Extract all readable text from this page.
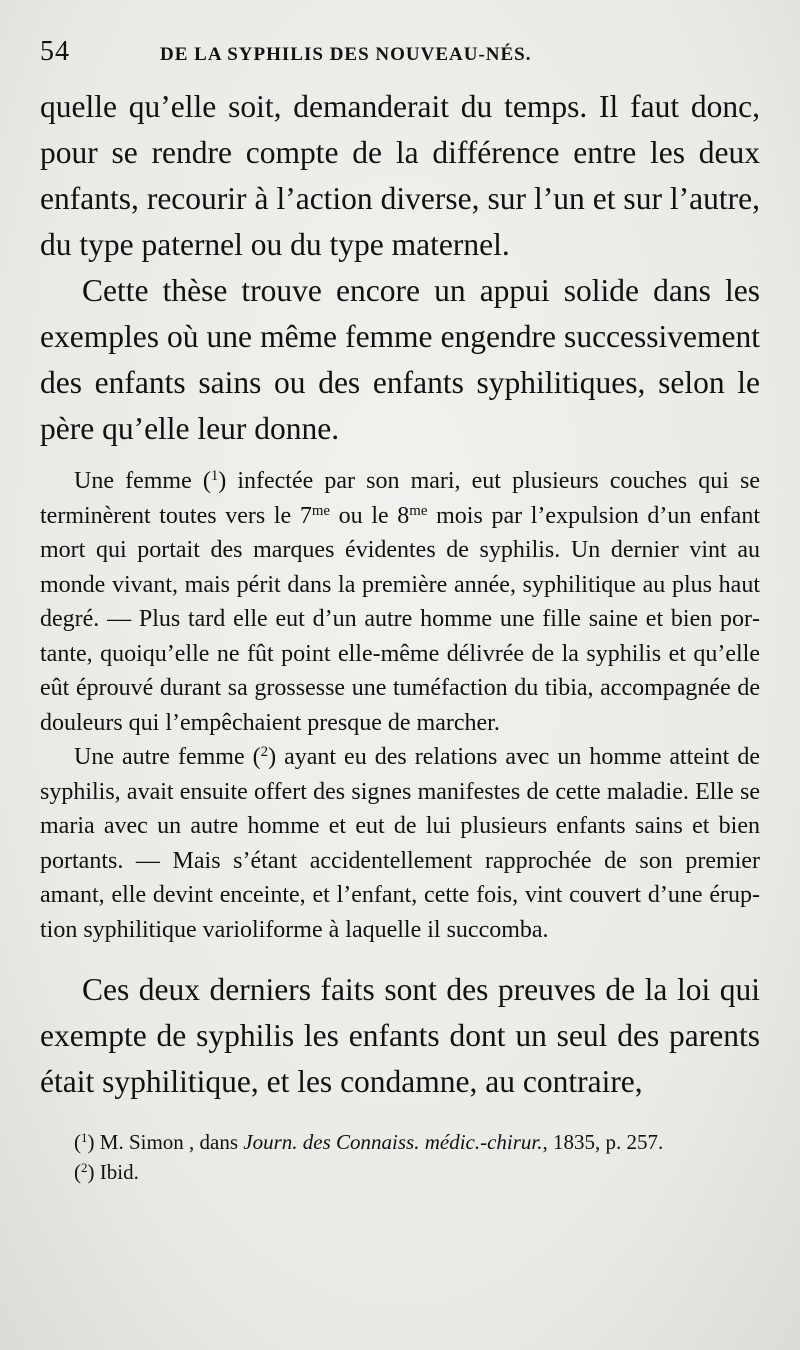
54	DE LA SYPHILIS DES NOUVEAU-NÉS.

quelle qu’elle soit, demanderait du temps. Il faut donc, pour se rendre compte de la différence entre les deux enfants, recourir à l’action diverse, sur l’un et sur l’autre, du type paternel ou du type maternel.

Cette thèse trouve encore un appui solide dans les exemples où une même femme engendre successivement des enfants sains ou des enfants syphilitiques, selon le père qu’elle leur donne.

Une femme ($^1$) infectée par son mari, eut plusieurs couches qui se terminèrent toutes vers le $7^{me}$ ou le $8^{me}$ mois par l’expulsion d’un enfant mort qui portait des marques évidentes de syphilis. Un dernier vint au monde vivant, mais périt dans la première année, syphilitique au plus haut degré. — Plus tard elle eut d’un autre homme une fille saine et bien portante, quoiqu’elle ne fût point elle-même délivrée de la syphilis et qu’elle eût éprouvé durant sa grossesse une tuméfaction du tibia, accompagnée de douleurs qui l’empêchaient presque de marcher.

Une autre femme ($^2$) ayant eu des relations avec un homme atteint de syphilis, avait ensuite offert des signes manifestes de cette maladie. Elle se maria avec un autre homme et eut de lui plusieurs enfants sains et bien portants. — Mais s’étant accidentellement rapprochée de son premier amant, elle devint enceinte, et l’enfant, cette fois, vint couvert d’une éruption syphilitique varioliforme à laquelle il succomba.

Ces deux derniers faits sont des preuves de la loi qui exempte de syphilis les enfants dont un seul des parents était syphilitique, et les condamne, au contraire,

($^1$) M. Simon , dans Journ. des Connaiss. médic.-chirur., 1835, p. 257.

($^2$) Ibid.
